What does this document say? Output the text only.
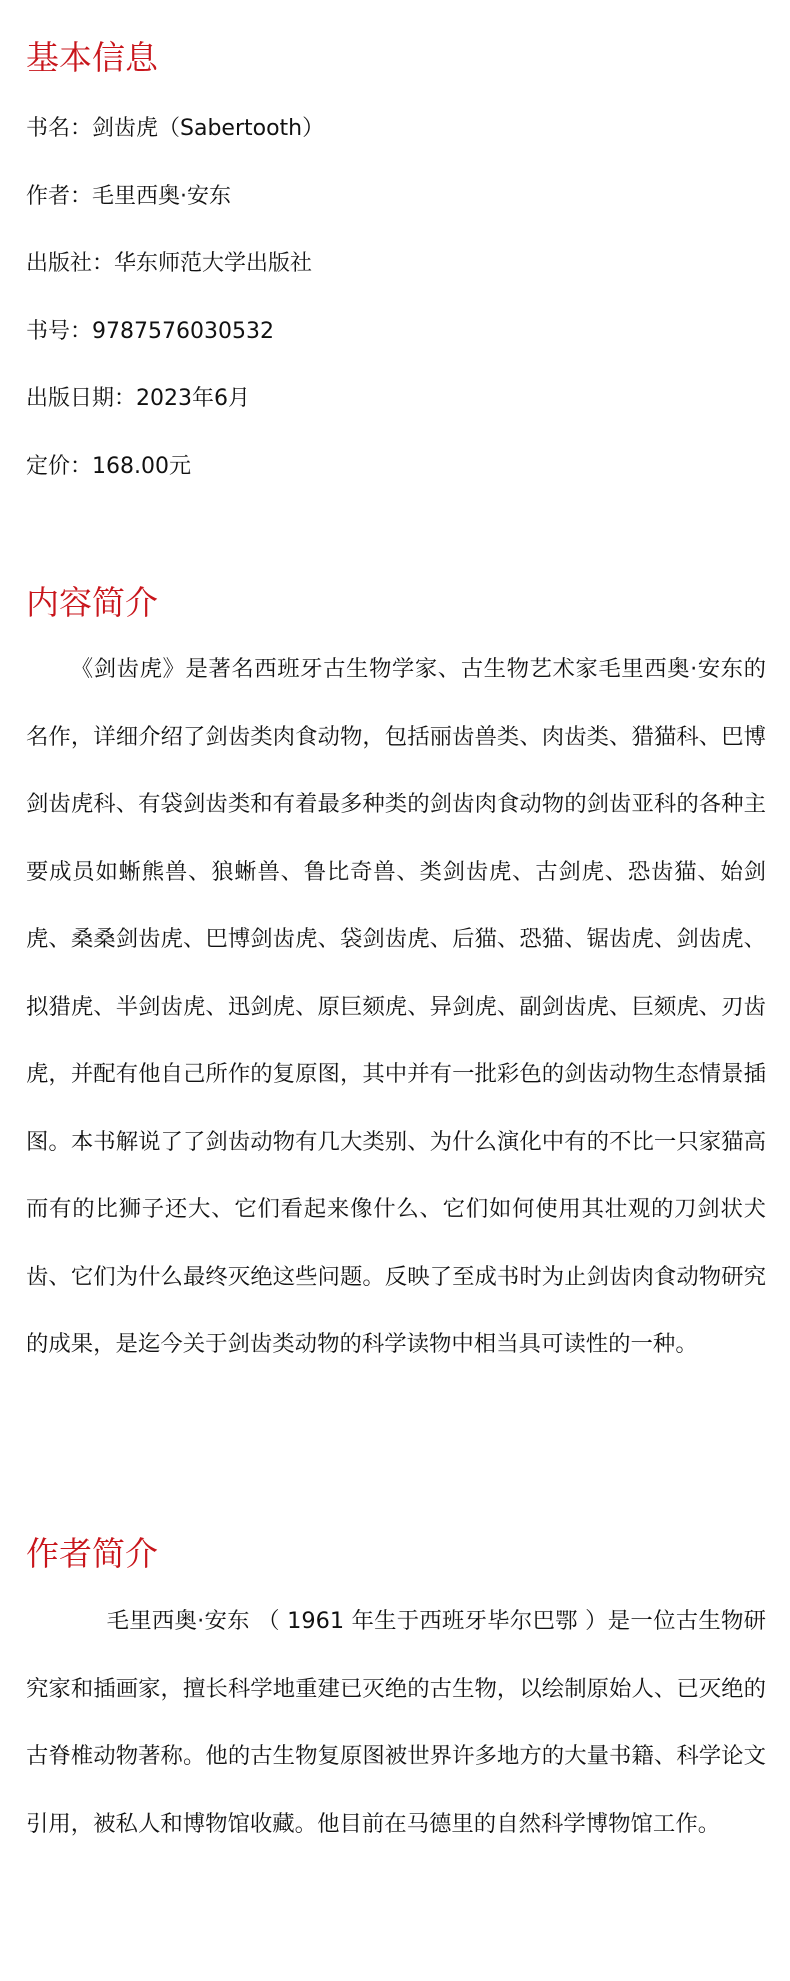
基本信息

书名：剑齿虎（Sabertooth）

作者：毛里西奥·安东

出版社：华东师范大学出版社

书号：9787576030532

出版日期：2023年6月

定价：168.00元

内容简介

《剑齿虎》是著名西班牙古生物学家、古生物艺术家毛里西奥·安东的名作，详细介绍了剑齿类肉食动物，包括丽齿兽类、肉齿类、猎猫科、巴博剑齿虎科、有袋剑齿类和有着最多种类的剑齿肉食动物的剑齿亚科的各种主要成员如蜥熊兽、狼蜥兽、鲁比奇兽、类剑齿虎、古剑虎、恐齿猫、始剑虎、桑桑剑齿虎、巴博剑齿虎、袋剑齿虎、后猫、恐猫、锯齿虎、剑齿虎、拟猎虎、半剑齿虎、迅剑虎、原巨颏虎、异剑虎、副剑齿虎、巨颏虎、刃齿虎，并配有他自己所作的复原图，其中并有一批彩色的剑齿动物生态情景插图。本书解说了了剑齿动物有几大类别、为什么演化中有的不比一只家猫高而有的比狮子还大、它们看起来像什么、它们如何使用其壮观的刀剑状犬齿、它们为什么最终灭绝这些问题。反映了至成书时为止剑齿肉食动物研究的成果，是迄今关于剑齿类动物的科学读物中相当具可读性的一种。

作者简介

毛里西奥·安东 （ 1961 年生于西班牙毕尔巴鄂 ）是一位古生物研究家和插画家，擅长科学地重建已灭绝的古生物，以绘制原始人、已灭绝的古脊椎动物著称。他的古生物复原图被世界许多地方的大量书籍、科学论文引用，被私人和博物馆收藏。他目前在马德里的自然科学博物馆工作。
